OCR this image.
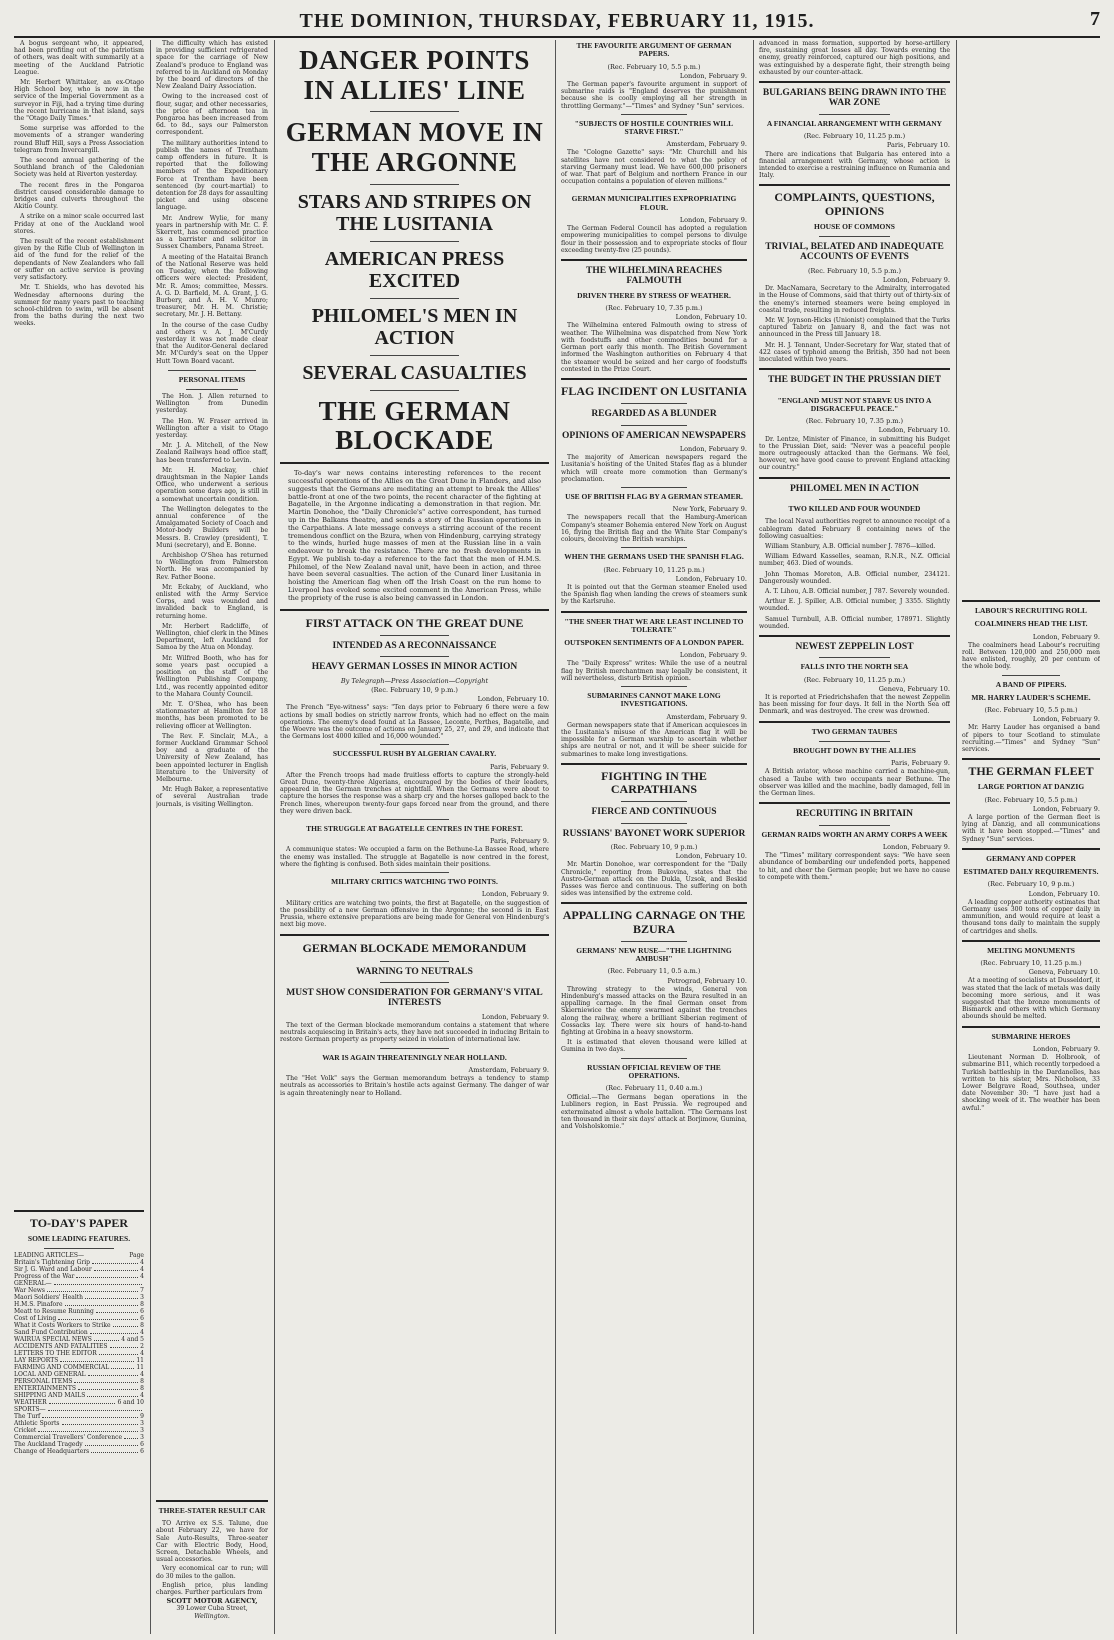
THE DOMINION, THURSDAY, FEBRUARY 11, 1915.	7

A bogus sergeant who, it appeared, had been profiting out of the patriotism of others, was dealt with summarily at a meeting of the Auckland Patriotic League.

Mr. Herbert Whittaker, an ex-Otago High School boy, who is now in the service of the Imperial Government as a surveyor in Fiji, had a trying time during the recent hurricane in that island, says the "Otago Daily Times."

Some surprise was afforded to the movements of a stranger wandering round Bluff Hill, says a Press Association telegram from Invercargill.

The second annual gathering of the Southland branch of the Caledonian Society was held at Riverton yesterday.

The recent fires in the Pongaroa district caused considerable damage to bridges and culverts throughout the Akitio County.

A strike on a minor scale occurred last Friday at one of the Auckland wool stores.

The result of the recent establishment given by the Rifle Club of Wellington in aid of the fund for the relief of the dependants of New Zealanders who fall or suffer on active service is proving very satisfactory.

Mr. T. Shields, who has devoted his Wednesday afternoons during the summer for many years past to teaching school-children to swim, will be absent from the baths during the next two weeks.

TO-DAY'S PAPER
SOME LEADING FEATURES.
LEADING ARTICLES—	Page
Britain's Tightening Grip	4
Sir J. G. Ward and Labour	4
Progress of the War	4
GENERAL—
War News	7
Maori Soldiers' Health	3
H.M.S. Pinafore	8
Meatt to Resume Running	6
Cost of Living	6
What it Costs Workers to Strike	8
Sand Fund Contribution	4
WAIRUA SPECIAL NEWS	4 and 5
ACCIDENTS AND FATALITIES	2
LETTERS TO THE EDITOR	4
LAY REPORTS	11
FARMING AND COMMERCIAL	11
LOCAL AND GENERAL	4
PERSONAL ITEMS	8
ENTERTAINMENTS	8
SHIPPING AND MAILS	4
WEATHER	6 and 10
SPORTS—
The Turf	9
Athletic Sports	3
Cricket	3
Commercial Travellers' Conference	3
The Auckland Tragedy	6
Change of Headquarters	6

The difficulty which has existed in providing sufficient refrigerated space for the carriage of New Zealand's produce to England was referred to in Auckland on Monday by the board of directors of the New Zealand Dairy Association.

Owing to the increased cost of flour, sugar, and other necessaries, the price of afternoon tea in Pongaroa has been increased from 6d. to 8d., says our Palmerston correspondent.

The military authorities intend to publish the names of Trentham camp offenders in future. It is reported that the following members of the Expeditionary Force at Trentham have been sentenced (by court-martial) to detention for 28 days for assaulting picket and using obscene language.

Mr. Andrew Wylie, for many years in partnership with Mr. C. F. Skerrett, has commenced practice as a barrister and solicitor in Sussex Chambers, Panama Street.

A meeting of the Hataitai Branch of the National Reserve was held on Tuesday, when the following officers were elected: President, Mr. R. Amos; committee, Messrs. A. G. D. Barfield, M. A. Grant, J. G. Burbery, and A. H. V. Munro; treasurer, Mr. H. M. Christie; secretary, Mr. J. H. Bettany.

In the course of the case Cudby and others v. A. J. M'Curdy yesterday it was not made clear that the Auditor-General declared Mr. M'Curdy's seat on the Upper Hutt Town Board vacant.

PERSONAL ITEMS

The Hon. J. Allen returned to Wellington from Dunedin yesterday.

The Hon. W. Fraser arrived in Wellington after a visit to Otago yesterday.

Mr. J. A. Mitchell, of the New Zealand Railways head office staff, has been transferred to Levin.

Mr. H. Mackay, chief draughtsman in the Napier Lands Office, who underwent a serious operation some days ago, is still in a somewhat uncertain condition.

The Wellington delegates to the annual conference of the Amalgamated Society of Coach and Motor-body Builders will be Messrs. B. Crawley (president), T. Muni (secretary), and E. Bonne.

Archbishop O'Shea has returned to Wellington from Palmerston North. He was accompanied by Rev. Father Boone.

Mr. Eckaby, of Auckland, who enlisted with the Army Service Corps, and was wounded and invalided back to England, is returning home.

Mr. Herbert Radcliffe, of Wellington, chief clerk in the Mines Department, left Auckland for Samoa by the Atua on Monday.

Mr. Wilfred Booth, who has for some years past occupied a position on the staff of the Wellington Publishing Company, Ltd., was recently appointed editor to the Mahara County Council.

Mr. T. O'Shea, who has been stationmaster at Hamilton for 18 months, has been promoted to be relieving officer at Wellington.

The Rev. F. Sinclair, M.A., a former Auckland Grammar School boy and a graduate of the University of New Zealand, has been appointed lecturer in English literature to the University of Melbourne.

Mr. Hugh Baker, a representative of several Australian trade journals, is visiting Wellington.

THREE-STATER RESULT CAR

TO Arrive ex S.S. Talune, due about February 22, we have for Sale Auto-Results, Three-seater Car with Electric Body, Hood, Screen, Detachable Wheels, and usual accessories.

Very economical car to run; will do 30 miles to the gallon.

English price, plus landing charges. Further particulars from

SCOTT MOTOR AGENCY,
39 Lower Cuba Street,
Wellington.
DANGER POINTS IN ALLIES' LINE
GERMAN MOVE IN THE ARGONNE
STARS AND STRIPES ON THE LUSITANIA
AMERICAN PRESS EXCITED
PHILOMEL'S MEN IN ACTION
SEVERAL CASUALTIES
THE GERMAN BLOCKADE

To-day's war news contains interesting references to the recent successful operations of the Allies on the Great Dune in Flanders, and also suggests that the Germans are meditating an attempt to break the Allies' battle-front at one of the two points, the recent character of the fighting at Bagatelle, in the Argonne indicating a demonstration in that region. Mr. Martin Donohoe, the "Daily Chronicle's" active correspondent, has turned up in the Balkans theatre, and sends a story of the Russian operations in the Carpathians. A late message conveys a stirring account of the recent tremendous conflict on the Bzura, when von Hindenburg, carrying strategy to the winds, hurled huge masses of men at the Russian line in a vain endeavour to break the resistance. There are no fresh developments in Egypt. We publish to-day a reference to the fact that the men of H.M.S. Philomel, of the New Zealand naval unit, have been in action, and three have been several casualties. The action of the Cunard liner Lusitania in hoisting the American flag when off the Irish Coast on the run home to Liverpool has evoked some excited comment in the American Press, while the propriety of the ruse is also being canvassed in London.

FIRST ATTACK ON THE GREAT DUNE
INTENDED AS A RECONNAISSANCE
HEAVY GERMAN LOSSES IN MINOR ACTION
By Telegraph—Press Association—Copyright
(Rec. February 10, 9 p.m.)
London, February 10.

The French "Eye-witness" says: "Ten days prior to February 6 there were a few actions by small bodies on strictly narrow fronts, which had no effect on the main operations. The enemy's dead found at La Bassee, Leconte, Perthes, Bagatelle, and the Woevre was the outcome of actions on January 25, 27, and 29, and indicate that the Germans lost 4000 killed and 16,000 wounded."

SUCCESSFUL RUSH BY ALGERIAN CAVALRY.
Paris, February 9.

After the French troops had made fruitless efforts to capture the strongly-held Great Dune, twenty-three Algerians, encouraged by the bodies of their leaders, appeared in the German trenches at nightfall. When the Germans were about to capture the horses the response was a sharp cry and the horses galloped back to the French lines, whereupon twenty-four gaps forced near from the ground, and there they were driven back.

THE STRUGGLE AT BAGATELLE CENTRES IN THE FOREST.
Paris, February 9.

A communique states: We occupied a farm on the Bethune-La Bassee Road, where the enemy was installed. The struggle at Bagatelle is now centred in the forest, where the fighting is confused. Both sides maintain their positions.

MILITARY CRITICS WATCHING TWO POINTS.
London, February 9.

Military critics are watching two points, the first at Bagatelle, on the suggestion of the possibility of a new German offensive in the Argonne; the second is in East Prussia, where extensive preparations are being made for General von Hindenburg's next big move.

GERMAN BLOCKADE MEMORANDUM
WARNING TO NEUTRALS
MUST SHOW CONSIDERATION FOR GERMANY'S VITAL INTERESTS
London, February 9.

The text of the German blockade memorandum contains a statement that where neutrals acquiescing in Britain's acts, they have not succeeded in inducing Britain to restore German property as property seized in violation of international law.

WAR IS AGAIN THREATENINGLY NEAR HOLLAND.
Amsterdam, February 9.

The "Het Volk" says the German memorandum betrays a tendency to stamp neutrals as accessories to Britain's hostile acts against Germany. The danger of war is again threateningly near to Holland.

THE FAVOURITE ARGUMENT OF GERMAN PAPERS.
(Rec. February 10, 5.5 p.m.)
London, February 9.

The German paper's favourite argument in support of submarine raids is "England deserves the punishment because she is coolly employing all her strength in throttling Germany."—"Times" and Sydney "Sun" services.

"SUBJECTS OF HOSTILE COUNTRIES WILL STARVE FIRST."
Amsterdam, February 9.

The "Cologne Gazette" says: "Mr. Churchill and his satellites have not considered to what the policy of starving Germany must lead. We have 600,000 prisoners of war. That part of Belgium and northern France in our occupation contains a population of eleven millions."

GERMAN MUNICIPALITIES EXPROPRIATING FLOUR.
London, February 9.

The German Federal Council has adopted a regulation empowering municipalities to compel persons to divulge flour in their possession and to expropriate stocks of flour exceeding twenty-five (25 pounds).

THE WILHELMINA REACHES FALMOUTH
DRIVEN THERE BY STRESS OF WEATHER.
(Rec. February 10, 7.35 p.m.)
London, February 10.

The Wilhelmina entered Falmouth owing to stress of weather. The Wilhelmina was dispatched from New York with foodstuffs and other commodities bound for a German port early this month. The British Government informed the Washington authorities on February 4 that the steamer would be seized and her cargo of foodstuffs contested in the Prize Court.

FLAG INCIDENT ON LUSITANIA
REGARDED AS A BLUNDER
OPINIONS OF AMERICAN NEWSPAPERS
London, February 9.

The majority of American newspapers regard the Lusitania's hoisting of the United States flag as a blunder which will create more commotion than Germany's proclamation.

USE OF BRITISH FLAG BY A GERMAN STEAMER.
New York, February 9.

The newspapers recall that the Hamburg-American Company's steamer Bohemia entered New York on August 16, flying the British flag and the White Star Company's colours, deceiving the British warships.

WHEN THE GERMANS USED THE SPANISH FLAG.
(Rec. February 10, 11.25 p.m.)
London, February 10.

It is pointed out that the German steamer Eneled used the Spanish flag when landing the crews of steamers sunk by the Karlsruhe.

"THE SNEER THAT WE ARE LEAST INCLINED TO TOLERATE"
OUTSPOKEN SENTIMENTS OF A LONDON PAPER.
London, February 9.

The "Daily Express" writes: While the use of a neutral flag by British merchantmen may legally be consistent, it will nevertheless, disturb British opinion.

SUBMARINES CANNOT MAKE LONG INVESTIGATIONS.
Amsterdam, February 9.

German newspapers state that if American acquiesces in the Lusitania's misuse of the American flag it will be impossible for a German warship to ascertain whether ships are neutral or not, and it will be sheer suicide for submarines to make long investigations.

FIGHTING IN THE CARPATHIANS
FIERCE AND CONTINUOUS
RUSSIANS' BAYONET WORK SUPERIOR
(Rec. February 10, 9 p.m.)
London, February 10.

Mr. Martin Donohoe, war correspondent for the "Daily Chronicle," reporting from Bukovina, states that the Austro-German attack on the Dukla, Uzsok, and Beskid Passes was fierce and continuous. The suffering on both sides was intensified by the extreme cold.

APPALLING CARNAGE ON THE BZURA
GERMANS' NEW RUSE—"THE LIGHTNING AMBUSH"
(Rec. February 11, 0.5 a.m.)
Petrograd, February 10.

Throwing strategy to the winds, General von Hindenburg's massed attacks on the Bzura resulted in an appalling carnage. In the final German onset from Skierniewice the enemy swarmed against the trenches along the railway, where a brilliant Siberian regiment of Cossacks lay. There were six hours of hand-to-hand fighting at Grobina in a heavy snowstorm.

It is estimated that eleven thousand were killed at Gumina in two days.

RUSSIAN OFFICIAL REVIEW OF THE OPERATIONS.
(Rec. February 11, 0.40 a.m.)

Official.—The Germans began operations in the Lubliners region, in East Prussia. We regrouped and exterminated almost a whole battalion. "The Germans lost ten thousand in their six days' attack at Borjimow, Gumina, and Volsholskomie."

advanced in mass formation, supported by horse-artillery fire, sustaining great losses all day. Towards evening the enemy, greatly reinforced, captured our high positions, and was extinguished by a desperate fight, their strength being exhausted by our counter-attack.

BULGARIANS BEING DRAWN INTO THE WAR ZONE
A FINANCIAL ARRANGEMENT WITH GERMANY
(Rec. February 10, 11.25 p.m.)
Paris, February 10.

There are indications that Bulgaria has entered into a financial arrangement with Germany, whose action is intended to exercise a restraining influence on Rumania and Italy.

COMPLAINTS, QUESTIONS, OPINIONS
HOUSE OF COMMONS
TRIVIAL, BELATED AND INADEQUATE ACCOUNTS OF EVENTS
(Rec. February 10, 5.5 p.m.)
London, February 9.

Dr. MacNamara, Secretary to the Admiralty, interrogated in the House of Commons, said that thirty out of thirty-six of the enemy's interned steamers were being employed in coastal trade, resulting in reduced freights.

Mr. W. Joynson-Hicks (Unionist) complained that the Turks captured Tabriz on January 8, and the fact was not announced in the Press till January 18.

Mr. H. J. Tennant, Under-Secretary for War, stated that of 422 cases of typhoid among the British, 350 had not been inoculated within two years.

THE BUDGET IN THE PRUSSIAN DIET
"ENGLAND MUST NOT STARVE US INTO A DISGRACEFUL PEACE."
(Rec. February 10, 7.35 p.m.)
London, February 10.

Dr. Lentze, Minister of Finance, in submitting his Budget to the Prussian Diet, said: "Never was a peaceful people more outrageously attacked than the Germans. We feel, however, we have good cause to prevent England attacking our country."

PHILOMEL MEN IN ACTION
TWO KILLED AND FOUR WOUNDED

The local Naval authorities regret to announce receipt of a cablegram dated February 8 containing news of the following casualties:

William Stanbury, A.B. Official number J. 7876—killed.

William Edward Kasselles, seaman, R.N.R., N.Z. Official number, 463. Died of wounds.

John Thomas Moreton, A.B. Official number, 234121. Dangerously wounded.

A. T. Lihou, A.B. Official number, J 787. Severely wounded.

Arthur E. J. Spiller, A.B. Official number, J 3355. Slightly wounded.

Samuel Turnbull, A.B. Official number, 178971. Slightly wounded.

NEWEST ZEPPELIN LOST
FALLS INTO THE NORTH SEA
(Rec. February 10, 11.25 p.m.)
Geneva, February 10.

It is reported at Friedrichshafen that the newest Zeppelin has been missing for four days. It fell in the North Sea off Denmark, and was destroyed. The crew was drowned.

TWO GERMAN TAUBES
BROUGHT DOWN BY THE ALLIES
Paris, February 9.

A British aviator, whose machine carried a machine-gun, chased a Taube with two occupants near Bethune. The observer was killed and the machine, badly damaged, fell in the German lines.

RECRUITING IN BRITAIN
GERMAN RAIDS WORTH AN ARMY CORPS A WEEK
London, February 9.

The "Times" military correspondent says: "We have seen abundance of bombarding our undefended ports, happened to hit, and cheer the German people; but we have no cause to compete with them."

LABOUR'S RECRUITING ROLL
COALMINERS HEAD THE LIST.
London, February 9.

The coalminers head Labour's recruiting roll. Between 120,000 and 250,000 men have enlisted, roughly, 20 per centum of the whole body.

A BAND OF PIPERS.
MR. HARRY LAUDER'S SCHEME.
(Rec. February 10, 5.5 p.m.)
London, February 9.

Mr. Harry Lauder has organised a band of pipers to tour Scotland to stimulate recruiting.—"Times" and Sydney "Sun" services.

THE GERMAN FLEET
LARGE PORTION AT DANZIG
(Rec. February 10, 5.5 p.m.)
London, February 9.

A large portion of the German fleet is lying at Danzig, and all communications with it have been stopped.—"Times" and Sydney "Sun" services.

GERMANY AND COPPER
ESTIMATED DAILY REQUIREMENTS.
(Rec. February 10, 9 p.m.)
London, February 10.

A leading copper authority estimates that Germany uses 300 tons of copper daily in ammunition, and would require at least a thousand tons daily to maintain the supply of cartridges and shells.

MELTING MONUMENTS
(Rec. February 10, 11.25 p.m.)
Geneva, February 10.

At a meeting of socialists at Dusseldorf, it was stated that the lack of metals was daily becoming more serious, and it was suggested that the bronze monuments of Bismarck and others with which Germany abounds should be melted.

SUBMARINE HEROES
London, February 9.

Lieutenant Norman D. Holbrook, of submarine B11, which recently torpedoed a Turkish battleship in the Dardanelles, has written to his sister, Mrs. Nicholson, 33 Lower Belgrave Road, Southsea, under date November 30: "I have just had a shocking week of it. The weather has been awful."
